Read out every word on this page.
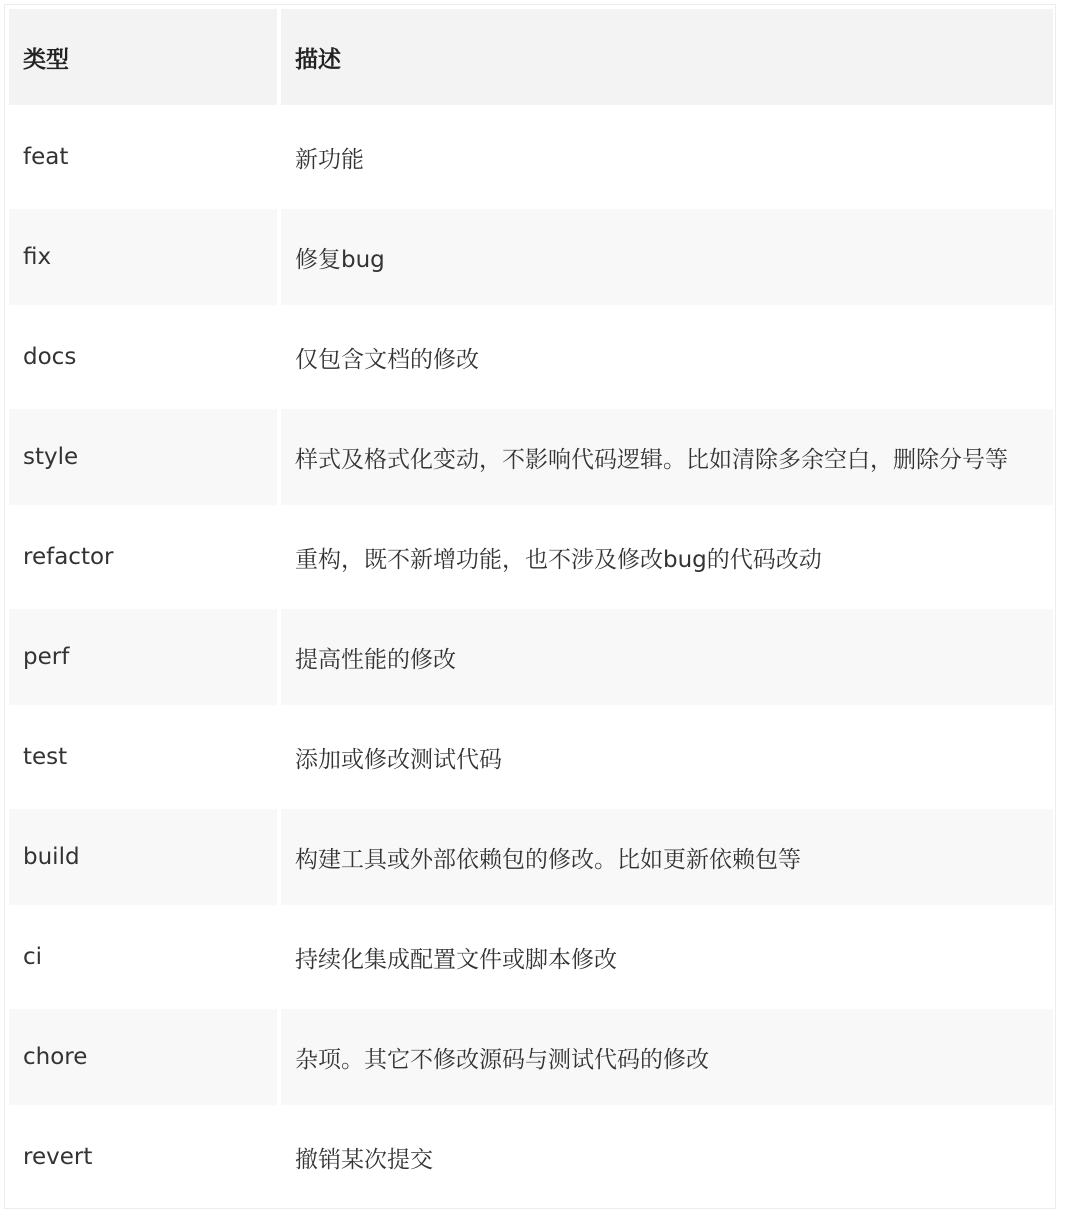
类型	描述
feat	新功能
fix	修复bug
docs	仅包含文档的修改
style	样式及格式化变动，不影响代码逻辑。比如清除多余空白，删除分号等
refactor	重构，既不新增功能，也不涉及修改bug的代码改动
perf	提高性能的修改
test	添加或修改测试代码
build	构建工具或外部依赖包的修改。比如更新依赖包等
ci	持续化集成配置文件或脚本修改
chore	杂项。其它不修改源码与测试代码的修改
revert	撤销某次提交
